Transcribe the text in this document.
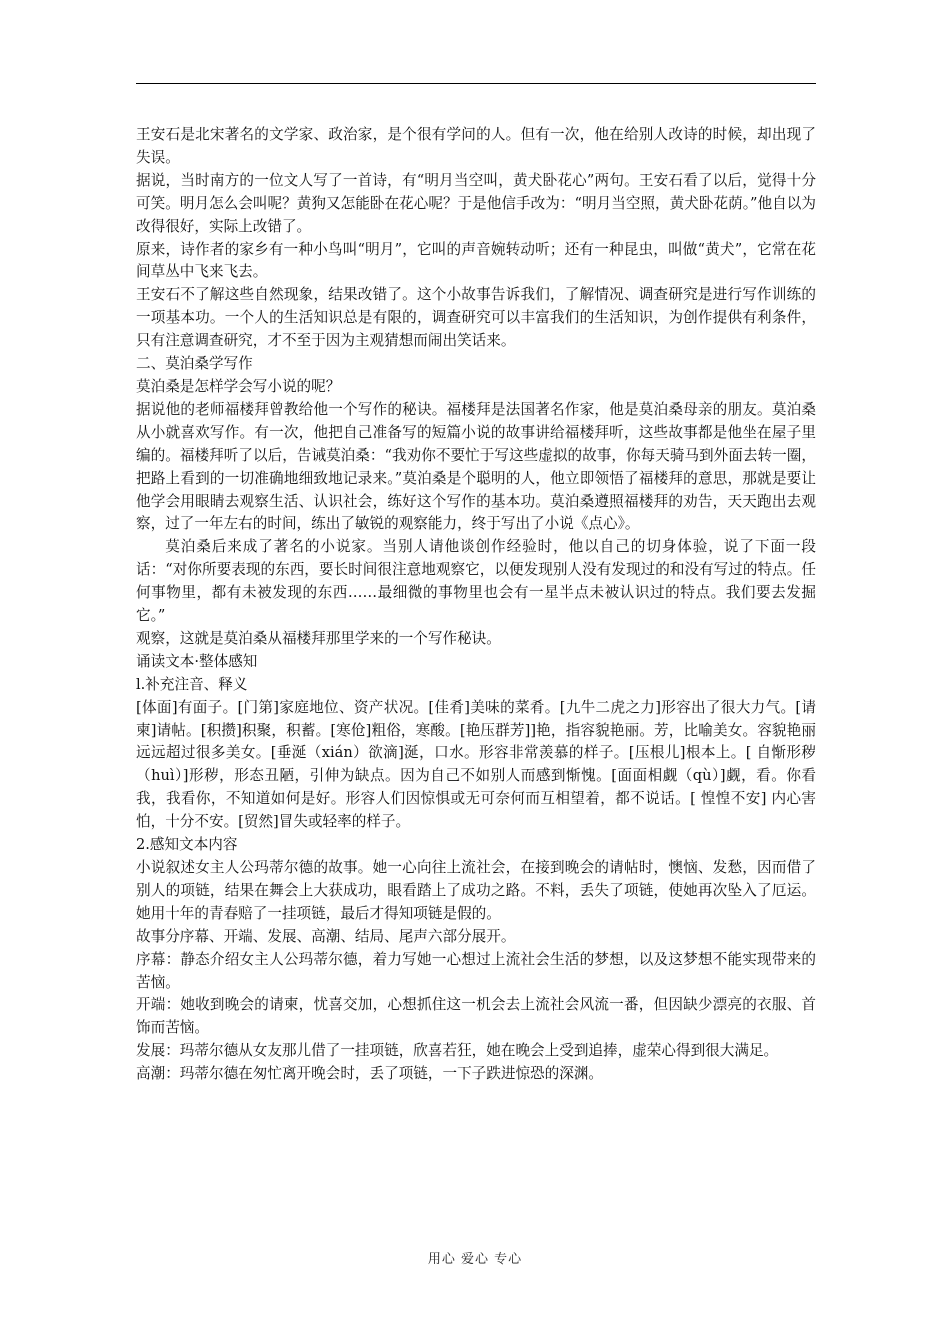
王安石是北宋著名的文学家、政治家，是个很有学问的人。但有一次，他在给别人改诗的时候，却出现了失误。

据说，当时南方的一位文人写了一首诗，有“明月当空叫，黄犬卧花心”两句。王安石看了以后，觉得十分可笑。明月怎么会叫呢？黄狗又怎能卧在花心呢？于是他信手改为：“明月当空照，黄犬卧花荫。”他自以为改得很好，实际上改错了。

原来，诗作者的家乡有一种小鸟叫“明月”，它叫的声音婉转动听；还有一种昆虫，叫做“黄犬”，它常在花间草丛中飞来飞去。

王安石不了解这些自然现象，结果改错了。这个小故事告诉我们，了解情况、调查研究是进行写作训练的一项基本功。一个人的生活知识总是有限的，调查研究可以丰富我们的生活知识，为创作提供有利条件，只有注意调查研究，才不至于因为主观猜想而闹出笑话来。

二、莫泊桑学写作

莫泊桑是怎样学会写小说的呢？

据说他的老师福楼拜曾教给他一个写作的秘诀。福楼拜是法国著名作家，他是莫泊桑母亲的朋友。莫泊桑从小就喜欢写作。有一次，他把自己准备写的短篇小说的故事讲给福楼拜听，这些故事都是他坐在屋子里编的。福楼拜听了以后，告诫莫泊桑：“我劝你不要忙于写这些虚拟的故事，你每天骑马到外面去转一圈，把路上看到的一切准确地细致地记录来。”莫泊桑是个聪明的人，他立即领悟了福楼拜的意思，那就是要让他学会用眼睛去观察生活、认识社会，练好这个写作的基本功。莫泊桑遵照福楼拜的劝告，天天跑出去观察，过了一年左右的时间，练出了敏锐的观察能力，终于写出了小说《点心》。

莫泊桑后来成了著名的小说家。当别人请他谈创作经验时，他以自己的切身体验，说了下面一段话：“对你所要表现的东西，要长时间很注意地观察它，以便发现别人没有发现过的和没有写过的特点。任何事物里，都有未被发现的东西……最细微的事物里也会有一星半点未被认识过的特点。我们要去发掘它。”

观察，这就是莫泊桑从福楼拜那里学来的一个写作秘诀。

诵读文本·整体感知

l.补充注音、释义

[体面]有面子。[门第]家庭地位、资产状况。[佳肴]美味的菜肴。[九牛二虎之力]形容出了很大力气。[请柬]请帖。[积攒]积聚，积蓄。[寒伧]粗俗，寒酸。[艳压群芳]]艳，指容貌艳丽。芳，比喻美女。容貌艳丽远远超过很多美女。[垂涎（xián）欲滴]涎，口水。形容非常羡慕的样子。[压根儿]根本上。[ 自惭形秽（huì）]形秽，形态丑陋，引伸为缺点。因为自己不如别人而感到惭愧。[面面相觑（qù）]觑，看。你看我，我看你，不知道如何是好。形容人们因惊惧或无可奈何而互相望着，都不说话。[ 惶惶不安] 内心害怕，十分不安。[贸然]冒失或轻率的样子。

2.感知文本内容

小说叙述女主人公玛蒂尔德的故事。她一心向往上流社会，在接到晚会的请帖时，懊恼、发愁，因而借了别人的项链，结果在舞会上大获成功，眼看踏上了成功之路。不料，丢失了项链，使她再次坠入了厄运。她用十年的青春赔了一挂项链，最后才得知项链是假的。

故事分序幕、开端、发展、高潮、结局、尾声六部分展开。

序幕：静态介绍女主人公玛蒂尔德，着力写她一心想过上流社会生活的梦想，以及这梦想不能实现带来的苦恼。

开端：她收到晚会的请柬，忧喜交加，心想抓住这一机会去上流社会风流一番，但因缺少漂亮的衣服、首饰而苦恼。

发展：玛蒂尔德从女友那儿借了一挂项链，欣喜若狂，她在晚会上受到追捧，虚荣心得到很大满足。

高潮：玛蒂尔德在匆忙离开晚会时，丢了项链，一下子跌进惊恐的深渊。

用心 爱心 专心
